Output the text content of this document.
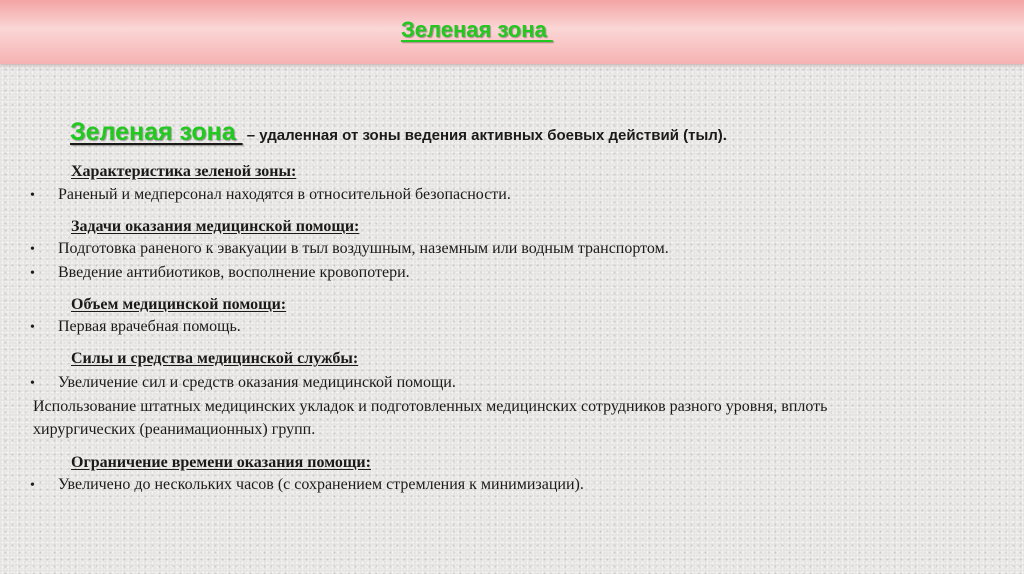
Зеленая зона
Зеленая зона  – удаленная от зоны ведения активных боевых действий (тыл).
Характеристика зеленой зоны:
• Раненый и медперсонал находятся в относительной безопасности.
Задачи оказания медицинской помощи:
• Подготовка раненого к эвакуации в тыл воздушным, наземным или водным транспортом.
• Введение антибиотиков, восполнение кровопотери.
Объем медицинской помощи:
• Первая врачебная помощь.
Силы и средства медицинской службы:
• Увеличение сил и средств оказания медицинской помощи.
Использование штатных медицинских укладок и подготовленных медицинских сотрудников разного уровня, вплоть
хирургических (реанимационных) групп.
Ограничение времени оказания помощи:
• Увеличено до нескольких часов (с сохранением стремления к минимизации).
